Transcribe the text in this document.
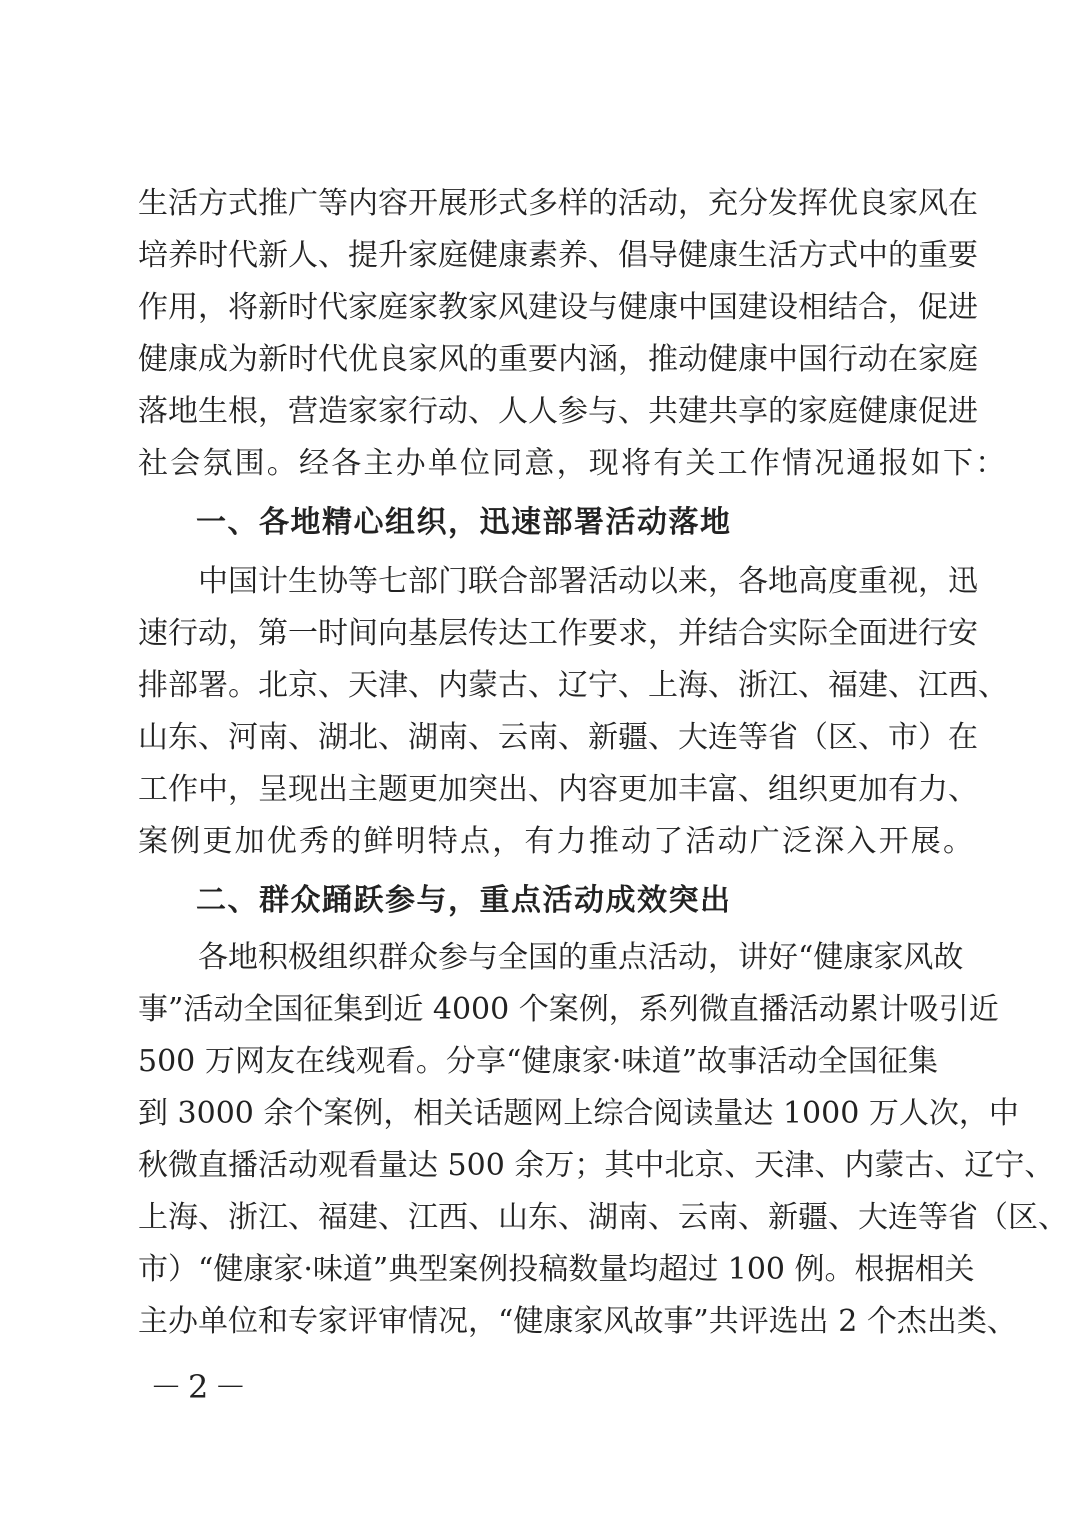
生活方式推广等内容开展形式多样的活动，充分发挥优良家风在
培养时代新人、提升家庭健康素养、倡导健康生活方式中的重要
作用，将新时代家庭家教家风建设与健康中国建设相结合，促进
健康成为新时代优良家风的重要内涵，推动健康中国行动在家庭
落地生根，营造家家行动、人人参与、共建共享的家庭健康促进
社会氛围。经各主办单位同意，现将有关工作情况通报如下：
一、各地精心组织，迅速部署活动落地
中国计生协等七部门联合部署活动以来，各地高度重视，迅
速行动，第一时间向基层传达工作要求，并结合实际全面进行安
排部署。北京、天津、内蒙古、辽宁、上海、浙江、福建、江西、
山东、河南、湖北、湖南、云南、新疆、大连等省（区、市）在
工作中，呈现出主题更加突出、内容更加丰富、组织更加有力、
案例更加优秀的鲜明特点，有力推动了活动广泛深入开展。
二、群众踊跃参与，重点活动成效突出
各地积极组织群众参与全国的重点活动，讲好“健康家风故
事”活动全国征集到近 4000 个案例，系列微直播活动累计吸引近
500 万网友在线观看。分享“健康家·味道”故事活动全国征集
到 3000 余个案例，相关话题网上综合阅读量达 1000 万人次，中
秋微直播活动观看量达 500 余万；其中北京、天津、内蒙古、辽宁、
上海、浙江、福建、江西、山东、湖南、云南、新疆、大连等省（区、
市）“健康家·味道”典型案例投稿数量均超过 100 例。根据相关
主办单位和专家评审情况，“健康家风故事”共评选出 2 个杰出类、
－2－
